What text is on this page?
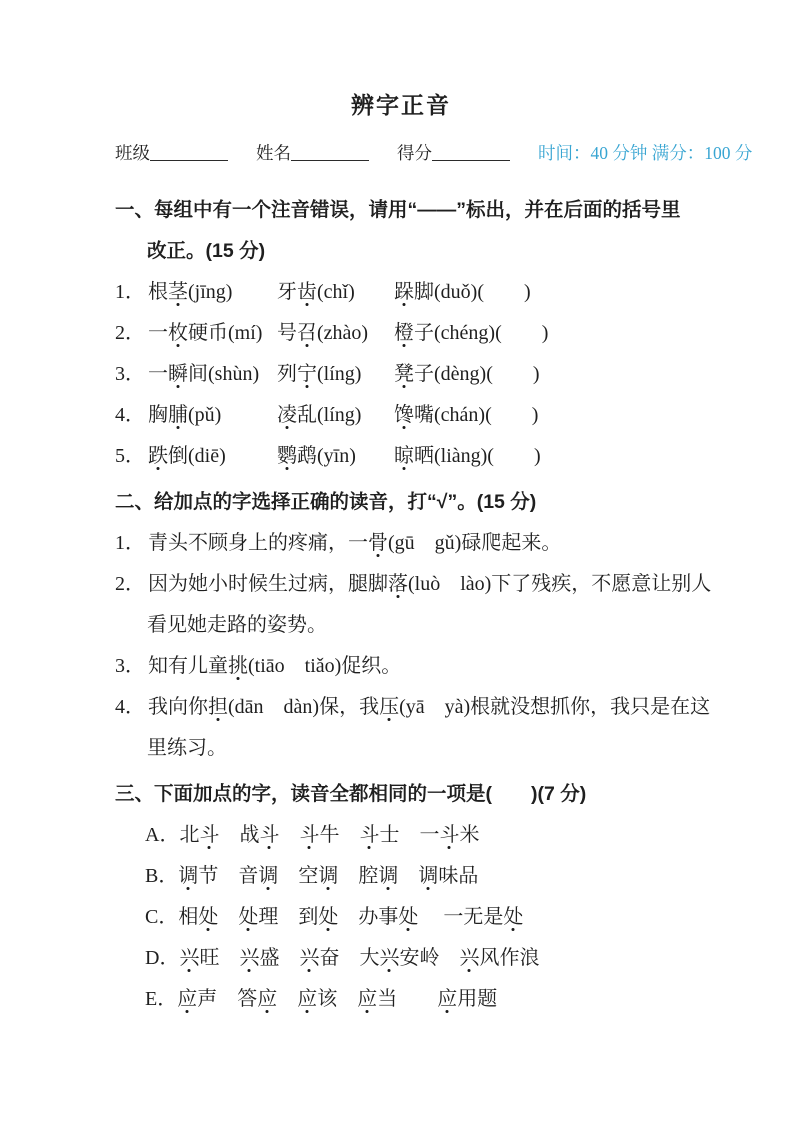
辨字正音
班级	姓名	得分	时间：40 分钟 满分：100 分
一、每组中有一个注音错误，请用“——”标出，并在后面的括号里
改正。(15 分)
1． 根茎(jīng)	牙齿(chǐ)	跺脚(duǒ)(　　)
2． 一枚硬币(mí) 号召(zhào)	橙子(chéng)(　　)
3． 一瞬间(shùn) 列宁(líng)	凳子(dèng)(　　)
4． 胸脯(pǔ)	凌乱(líng)	馋嘴(chán)(　　)
5． 跌倒(diē)	鹦鹉(yīn)	晾晒(liàng)(　　)
二、给加点的字选择正确的读音，打“√”。(15 分)
1． 青头不顾身上的疼痛，一骨(gū　gǔ)碌爬起来。
2． 因为她小时候生过病，腿脚落(luò　lào)下了残疾，不愿意让别人
看见她走路的姿势。
3． 知有儿童挑(tiāo　tiǎo)促织。
4． 我向你担(dān　dàn)保，我压(yā　yà)根就没想抓你，我只是在这
里练习。
三、下面加点的字，读音全都相同的一项是(　　)(7 分)
A．北斗　战斗　 斗牛　斗士　一斗米
B．调节　音调　空调　腔调　 调味品
C．相处　 处理　到处　办事处　 一无是处
D．兴旺　兴盛　兴奋　大兴安岭　兴风作浪
E．应声　答应　 应该　应当　　应用题
